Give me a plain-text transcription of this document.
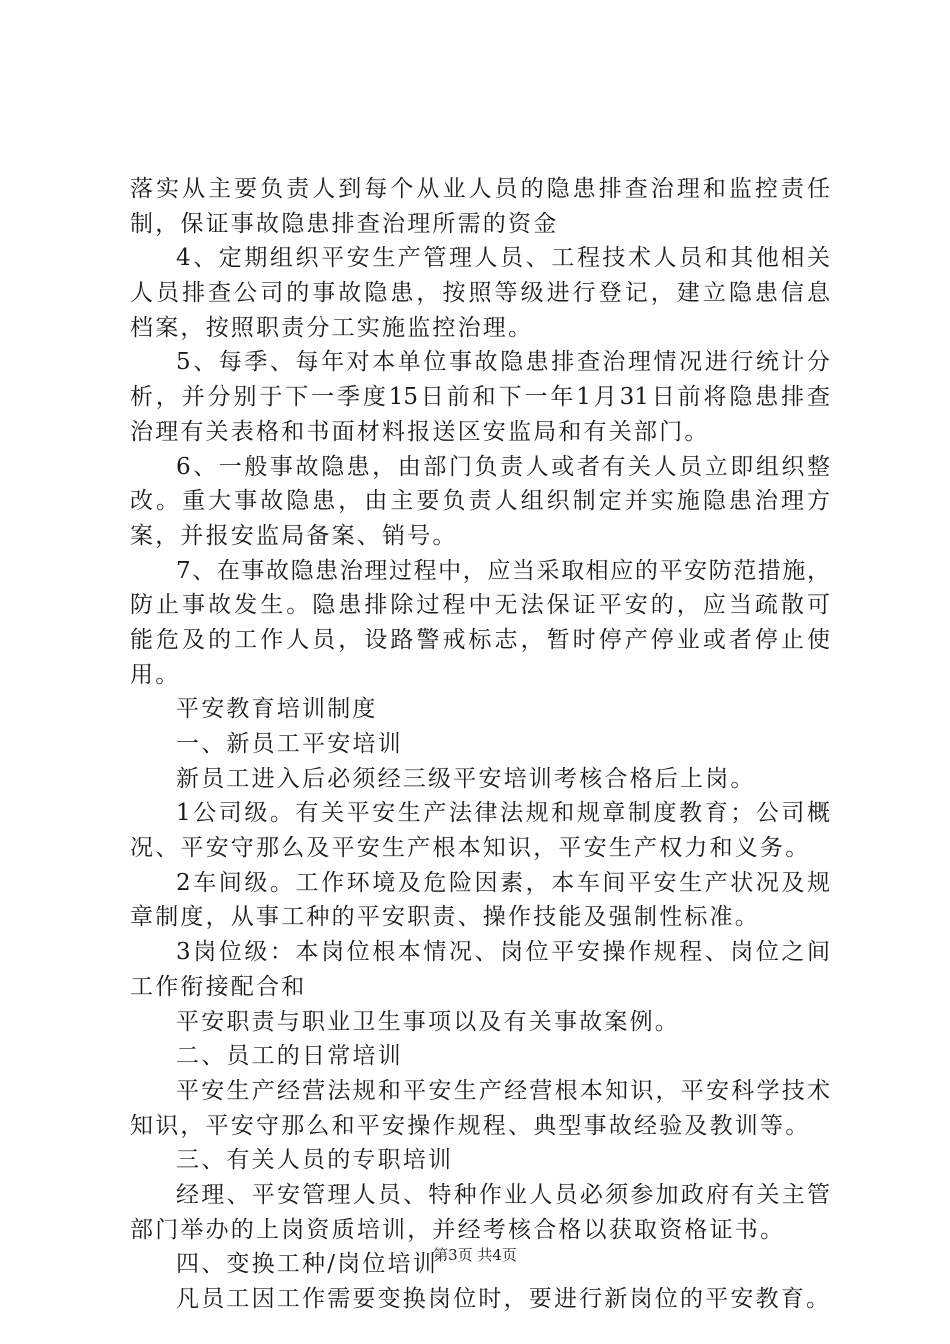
落实从主要负责人到每个从业人员的隐患排查治理和监控责任
制，保证事故隐患排查治理所需的资金
4、定期组织平安生产管理人员、工程技术人员和其他相关
人员排查公司的事故隐患，按照等级进行登记，建立隐患信息
档案，按照职责分工实施监控治理。
5、每季、每年对本单位事故隐患排查治理情况进行统计分
析，并分别于下一季度15日前和下一年1月31日前将隐患排查
治理有关表格和书面材料报送区安监局和有关部门。
6、一般事故隐患，由部门负责人或者有关人员立即组织整
改。重大事故隐患，由主要负责人组织制定并实施隐患治理方
案，并报安监局备案、销号。
7、在事故隐患治理过程中，应当采取相应的平安防范措施，
防止事故发生。隐患排除过程中无法保证平安的，应当疏散可
能危及的工作人员，设路警戒标志，暂时停产停业或者停止使
用。
平安教育培训制度
一、新员工平安培训
新员工进入后必须经三级平安培训考核合格后上岗。
1公司级。有关平安生产法律法规和规章制度教育；公司概
况、平安守那么及平安生产根本知识，平安生产权力和义务。
2车间级。工作环境及危险因素，本车间平安生产状况及规
章制度，从事工种的平安职责、操作技能及强制性标准。
3岗位级：本岗位根本情况、岗位平安操作规程、岗位之间
工作衔接配合和
平安职责与职业卫生事项以及有关事故案例。
二、员工的日常培训
平安生产经营法规和平安生产经营根本知识，平安科学技术
知识，平安守那么和平安操作规程、典型事故经验及教训等。
三、有关人员的专职培训
经理、平安管理人员、特种作业人员必须参加政府有关主管
部门举办的上岗资质培训，并经考核合格以获取资格证书。
四、变换工种/岗位培训
凡员工因工作需要变换岗位时，要进行新岗位的平安教育。
第3页 共4页
